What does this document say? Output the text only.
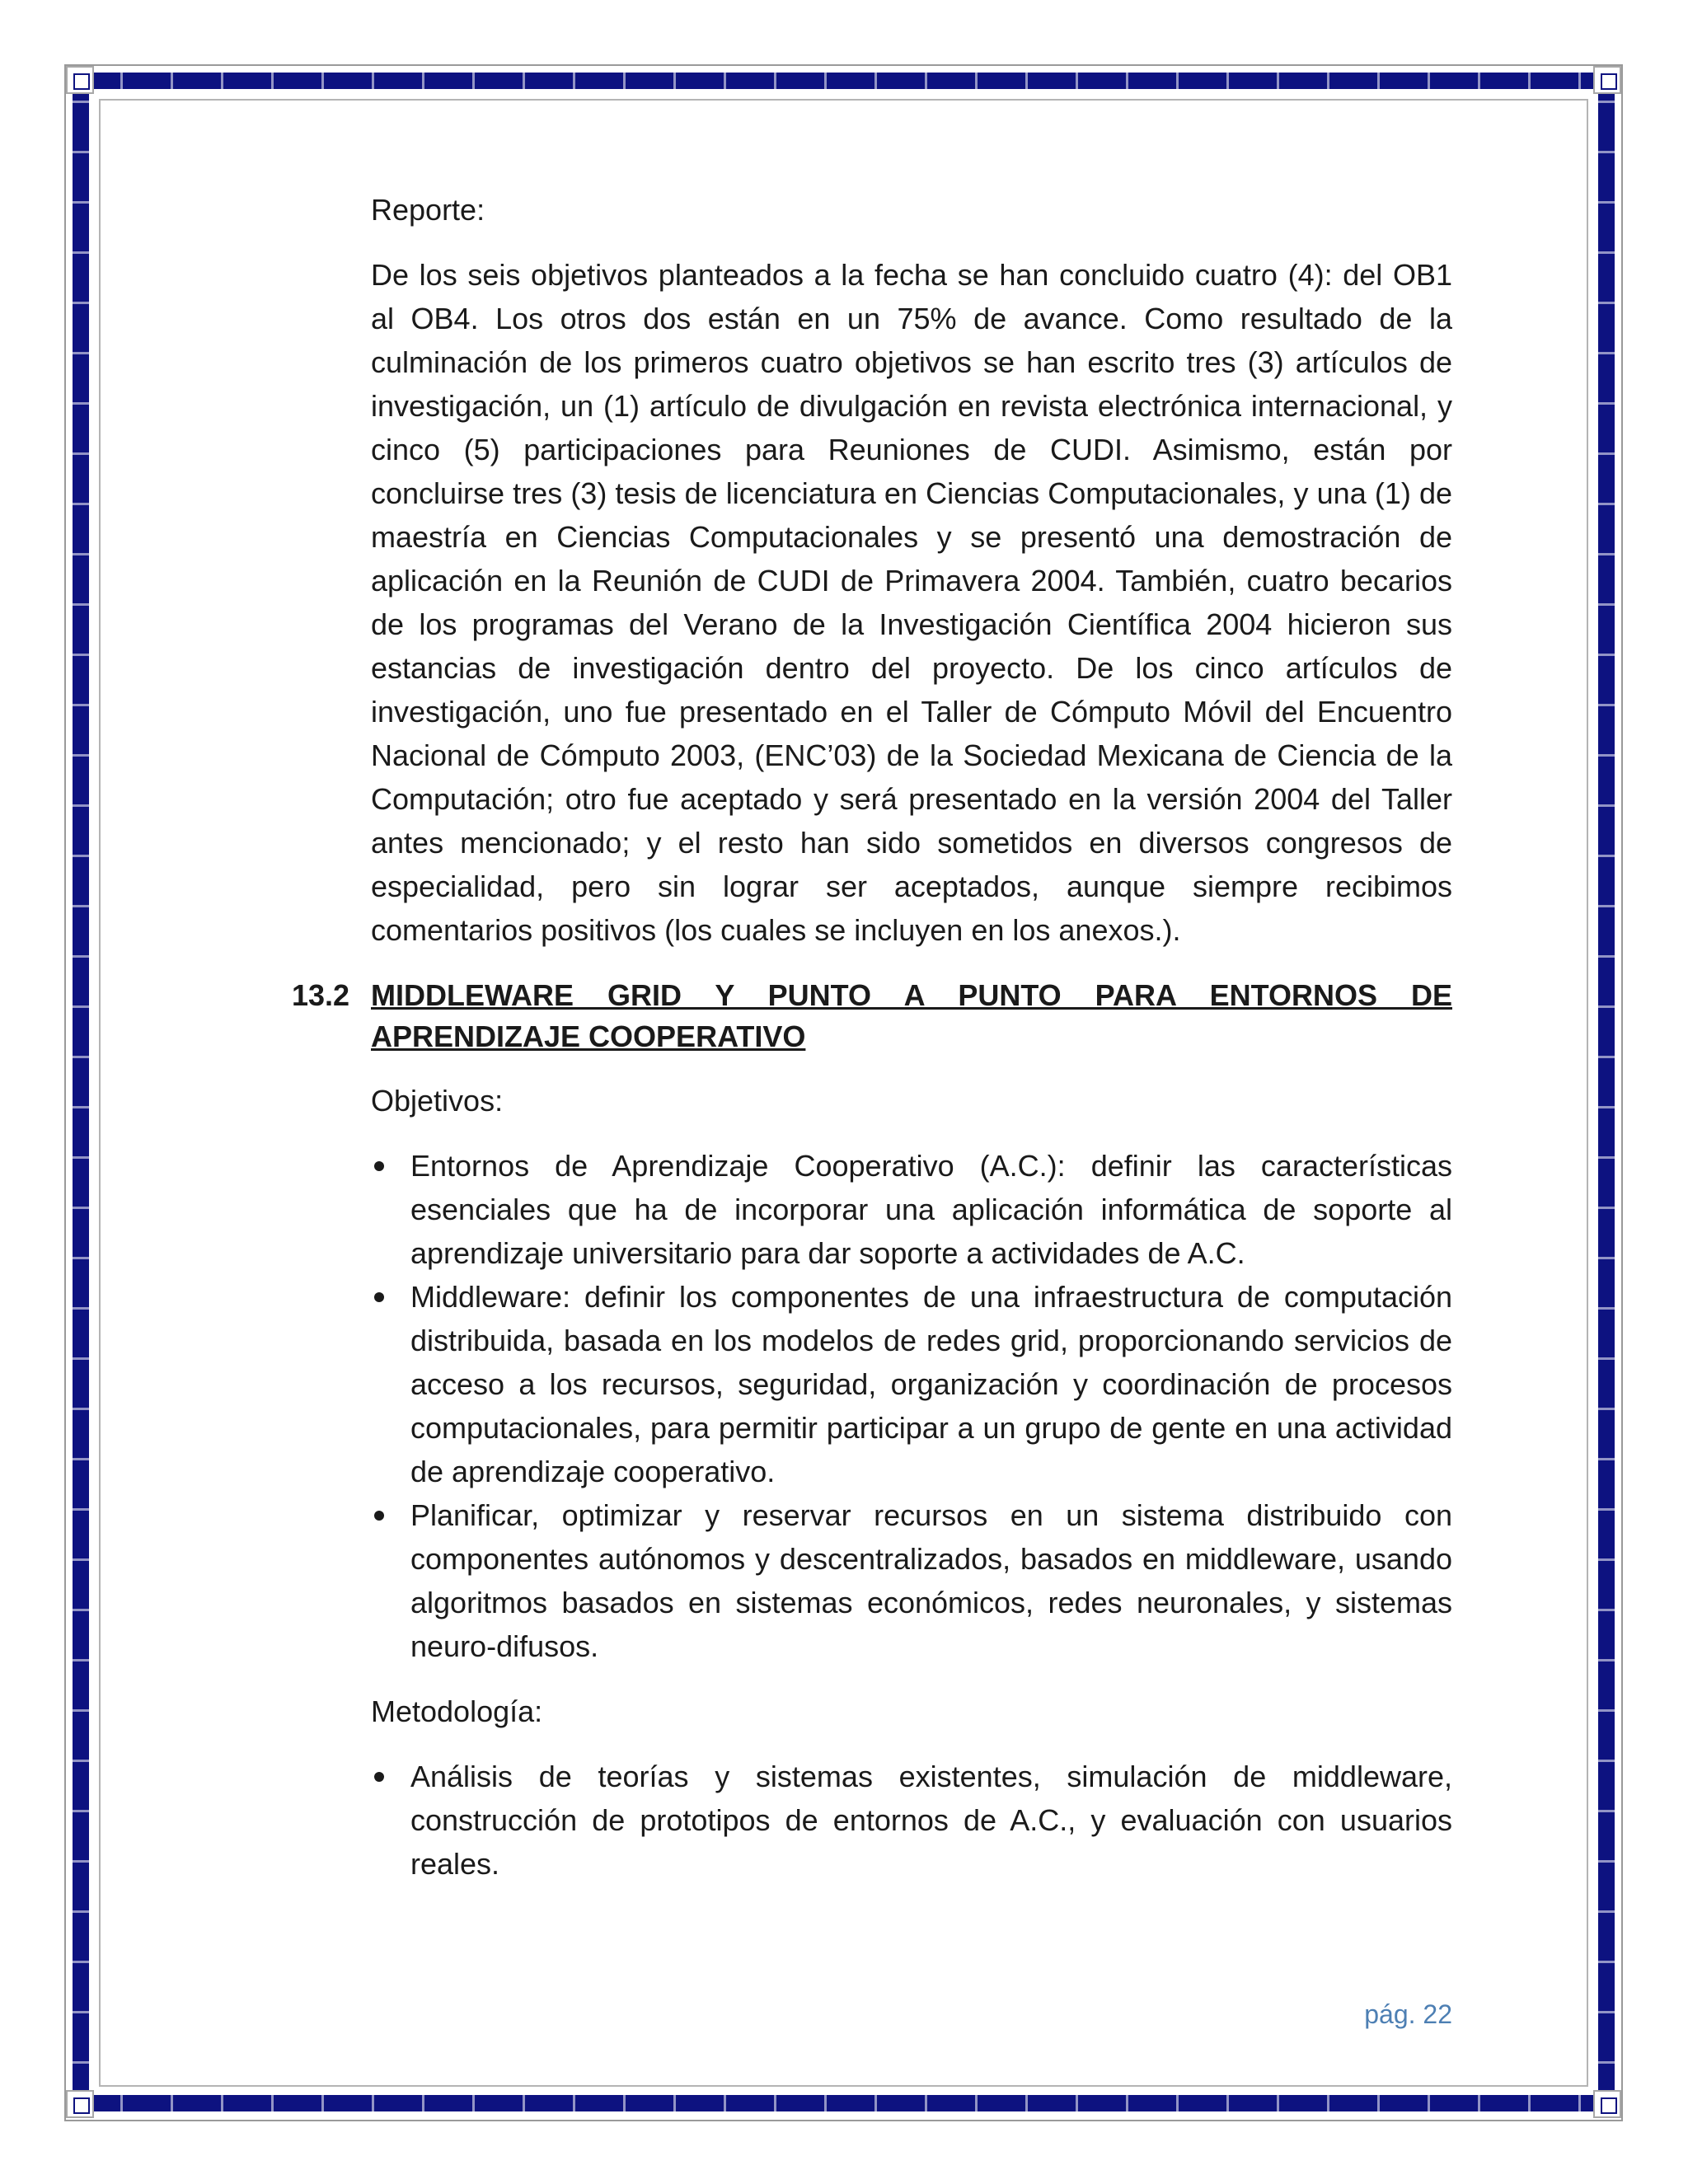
Reporte:

De los seis objetivos planteados a la fecha se han concluido cuatro (4): del OB1 al OB4. Los otros dos están en un 75% de avance. Como resultado de la culminación de los primeros cuatro objetivos se han escrito tres (3) artículos de investigación, un (1) artículo de divulgación en revista electrónica internacional, y cinco (5) participaciones para Reuniones de CUDI. Asimismo, están por concluirse tres (3) tesis de licenciatura en Ciencias Computacionales, y una (1) de maestría en Ciencias Computacionales y se presentó una demostración de aplicación en la Reunión de CUDI de Primavera 2004. También, cuatro becarios de los programas del Verano de la Investigación Científica 2004 hicieron sus estancias de investigación dentro del proyecto. De los cinco artículos de investigación, uno fue presentado en el Taller de Cómputo Móvil del Encuentro Nacional de Cómputo 2003, (ENC’03) de la Sociedad Mexicana de Ciencia de la Computación; otro fue aceptado y será presentado en la versión 2004 del Taller antes mencionado; y el resto han sido sometidos en diversos congresos de especialidad, pero sin lograr ser aceptados, aunque siempre recibimos comentarios positivos (los cuales se incluyen en los anexos.).

13.2 MIDDLEWARE GRID Y PUNTO A PUNTO PARA ENTORNOS DE APRENDIZAJE COOPERATIVO

Objetivos:

Entornos de Aprendizaje Cooperativo (A.C.): definir las características esenciales que ha de incorporar una aplicación informática de soporte al aprendizaje universitario para dar soporte a actividades de A.C.
Middleware: definir los componentes de una infraestructura de computación distribuida, basada en los modelos de redes grid, proporcionando servicios de acceso a los recursos, seguridad, organización y coordinación de procesos computacionales, para permitir participar a un grupo de gente en una actividad de aprendizaje cooperativo.
Planificar, optimizar y reservar recursos en un sistema distribuido con componentes autónomos y descentralizados, basados en middleware, usando algoritmos basados en sistemas económicos, redes neuronales, y sistemas neuro-difusos.

Metodología:

Análisis de teorías y sistemas existentes, simulación de middleware, construcción de prototipos de entornos de A.C., y evaluación con usuarios reales.
pág. 22
